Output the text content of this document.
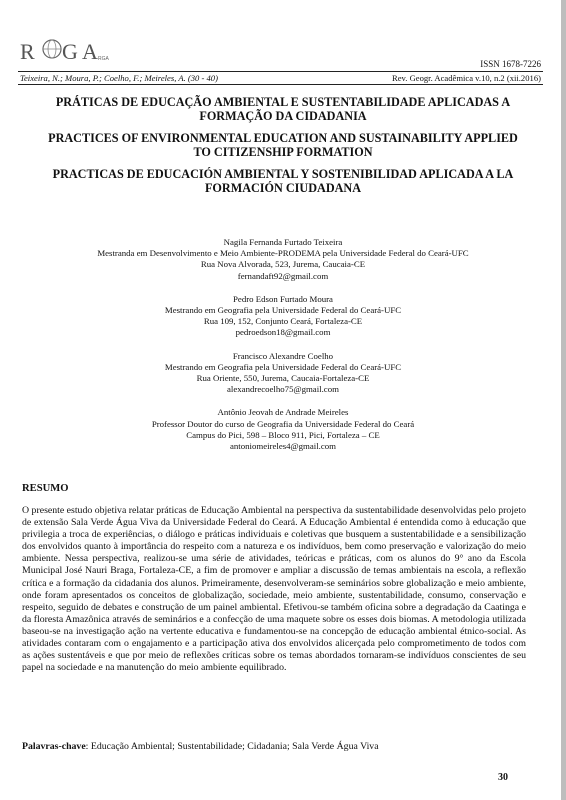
R G A RGA	ISSN 1678-7226
Teixeira, N.; Moura, P.; Coelho, F.; Meireles, A. (30 - 40)	Rev. Geogr. Acadêmica v.10, n.2 (xii.2016)
PRÁTICAS DE EDUCAÇÃO AMBIENTAL E SUSTENTABILIDADE APLICADAS A FORMAÇÃO DA CIDADANIA
PRACTICES OF ENVIRONMENTAL EDUCATION AND SUSTAINABILITY APPLIED TO CITIZENSHIP FORMATION
PRACTICAS DE EDUCACIÓN AMBIENTAL Y SOSTENIBILIDAD APLICADA A LA FORMACIÓN CIUDADANA
Nagila Fernanda Furtado Teixeira
Mestranda em Desenvolvimento e Meio Ambiente-PRODEMA pela Universidade Federal do Ceará-UFC
Rua Nova Alvorada, 523, Jurema, Caucaia-CE
fernandaft92@gmail.com
Pedro Edson Furtado Moura
Mestrando em Geografia pela Universidade Federal do Ceará-UFC
Rua 109, 152, Conjunto Ceará, Fortaleza-CE
pedroedson18@gmail.com
Francisco Alexandre Coelho
Mestrando em Geografia pela Universidade Federal do Ceará-UFC
Rua Oriente, 550, Jurema, Caucaia-Fortaleza-CE
alexandrecoelho75@gmail.com
Antônio Jeovah de Andrade Meireles
Professor Doutor do curso de Geografia da Universidade Federal do Ceará
Campus do Pici, 598 – Bloco 911, Pici, Fortaleza – CE
antoniomeireles4@gmail.com
RESUMO
O presente estudo objetiva relatar práticas de Educação Ambiental na perspectiva da sustentabilidade desenvolvidas pelo projeto de extensão Sala Verde Água Viva da Universidade Federal do Ceará. A Educação Ambiental é entendida como à educação que privilegia a troca de experiências, o diálogo e práticas individuais e coletivas que busquem a sustentabilidade e a sensibilização dos envolvidos quanto à importância do respeito com a natureza e os indivíduos, bem como preservação e valorização do meio ambiente. Nessa perspectiva, realizou-se uma série de atividades, teóricas e práticas, com os alunos do 9° ano da Escola Municipal José Nauri Braga, Fortaleza-CE, a fim de promover e ampliar a discussão de temas ambientais na escola, a reflexão crítica e a formação da cidadania dos alunos. Primeiramente, desenvolveram-se seminários sobre globalização e meio ambiente, onde foram apresentados os conceitos de globalização, sociedade, meio ambiente, sustentabilidade, consumo, conservação e respeito, seguido de debates e construção de um painel ambiental. Efetivou-se também oficina sobre a degradação da Caatinga e da floresta Amazônica através de seminários e a confecção de uma maquete sobre os esses dois biomas. A metodologia utilizada baseou-se na investigação ação na vertente educativa e fundamentou-se na concepção de educação ambiental étnico-social. As atividades contaram com o engajamento e a participação ativa dos envolvidos alicerçada pelo comprometimento de todos com as ações sustentáveis e que por meio de reflexões críticas sobre os temas abordados tornaram-se indivíduos conscientes de seu papel na sociedade e na manutenção do meio ambiente equilibrado.
Palavras-chave: Educação Ambiental; Sustentabilidade; Cidadania; Sala Verde Água Viva
30
